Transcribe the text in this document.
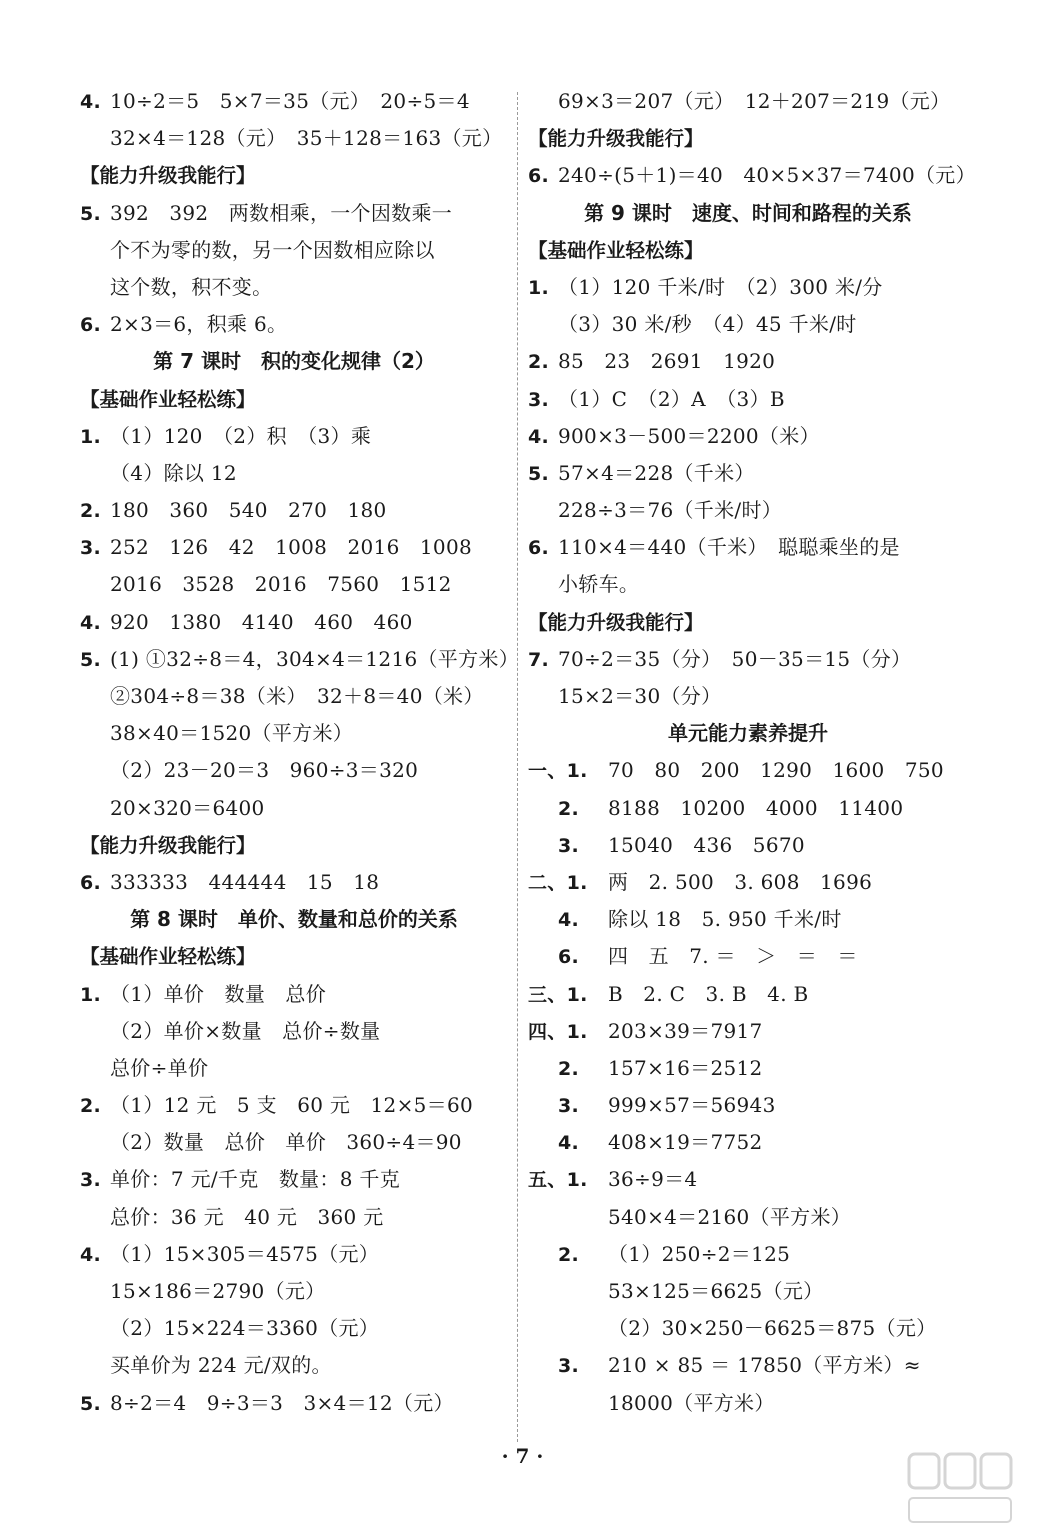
4. 10÷2＝5　5×7＝35（元）　20÷5＝4
32×4＝128（元）　35＋128＝163（元）
【能力升级我能行】
5. 392　392　两数相乘，一个因数乘一
个不为零的数，另一个因数相应除以
这个数，积不变。
6. 2×3＝6，积乘 6。
第 7 课时　积的变化规律（2）
【基础作业轻松练】
1. （1）120　（2）积　（3）乘
（4）除以 12
2. 180　360　540　270　180
3. 252　126　42　1008　2016　1008
2016　3528　2016　7560　1512
4. 920　1380　4140　460　460
5. (1) ①32÷8＝4，304×4＝1216（平方米）
②304÷8＝38（米）　32＋8＝40（米）
38×40＝1520（平方米）
（2）23－20＝3　960÷3＝320
20×320＝6400
【能力升级我能行】
6. 333333　444444　15　18
第 8 课时　单价、数量和总价的关系
【基础作业轻松练】
1. （1）单价　数量　总价
（2）单价×数量　总价÷数量
总价÷单价
2. （1）12 元　5 支　60 元　12×5＝60
（2）数量　总价　单价　360÷4＝90
3. 单价：7 元/千克　数量：8 千克
总价：36 元　40 元　360 元
4. （1）15×305＝4575（元）
15×186＝2790（元）
（2）15×224＝3360（元）
买单价为 224 元/双的。
5. 8÷2＝4　9÷3＝3　3×4＝12（元）
69×3＝207（元）　12＋207＝219（元）
【能力升级我能行】
6. 240÷(5＋1)＝40　40×5×37＝7400（元）
第 9 课时　速度、时间和路程的关系
【基础作业轻松练】
1. （1）120 千米/时　（2）300 米/分
（3）30 米/秒　（4）45 千米/时
2. 85　23　2691　1920
3. （1）C　（2）A　（3）B
4. 900×3－500＝2200（米）
5. 57×4＝228（千米）
228÷3＝76（千米/时）
6. 110×4＝440（千米）　聪聪乘坐的是
小轿车。
【能力升级我能行】
7. 70÷2＝35（分）　50－35＝15（分）
15×2＝30（分）
单元能力素养提升
一、1. 70　80　200　1290　1600　750
2. 8188　10200　4000　11400
3. 15040　436　5670
二、1. 两　2. 500　3. 608　1696
4. 除以 18　5. 950 千米/时
6. 四　五　7. ＝　＞　＝　＝
三、1. B　2. C　3. B　4. B
四、1. 203×39＝7917
2. 157×16＝2512
3. 999×57＝56943
4. 408×19＝7752
五、1. 36÷9＝4
540×4＝2160（平方米）
2. （1）250÷2＝125
53×125＝6625（元）
（2）30×250－6625＝875（元）
3. 210 × 85 ＝ 17850（平方米）≈
18000（平方米）
· 7 ·
